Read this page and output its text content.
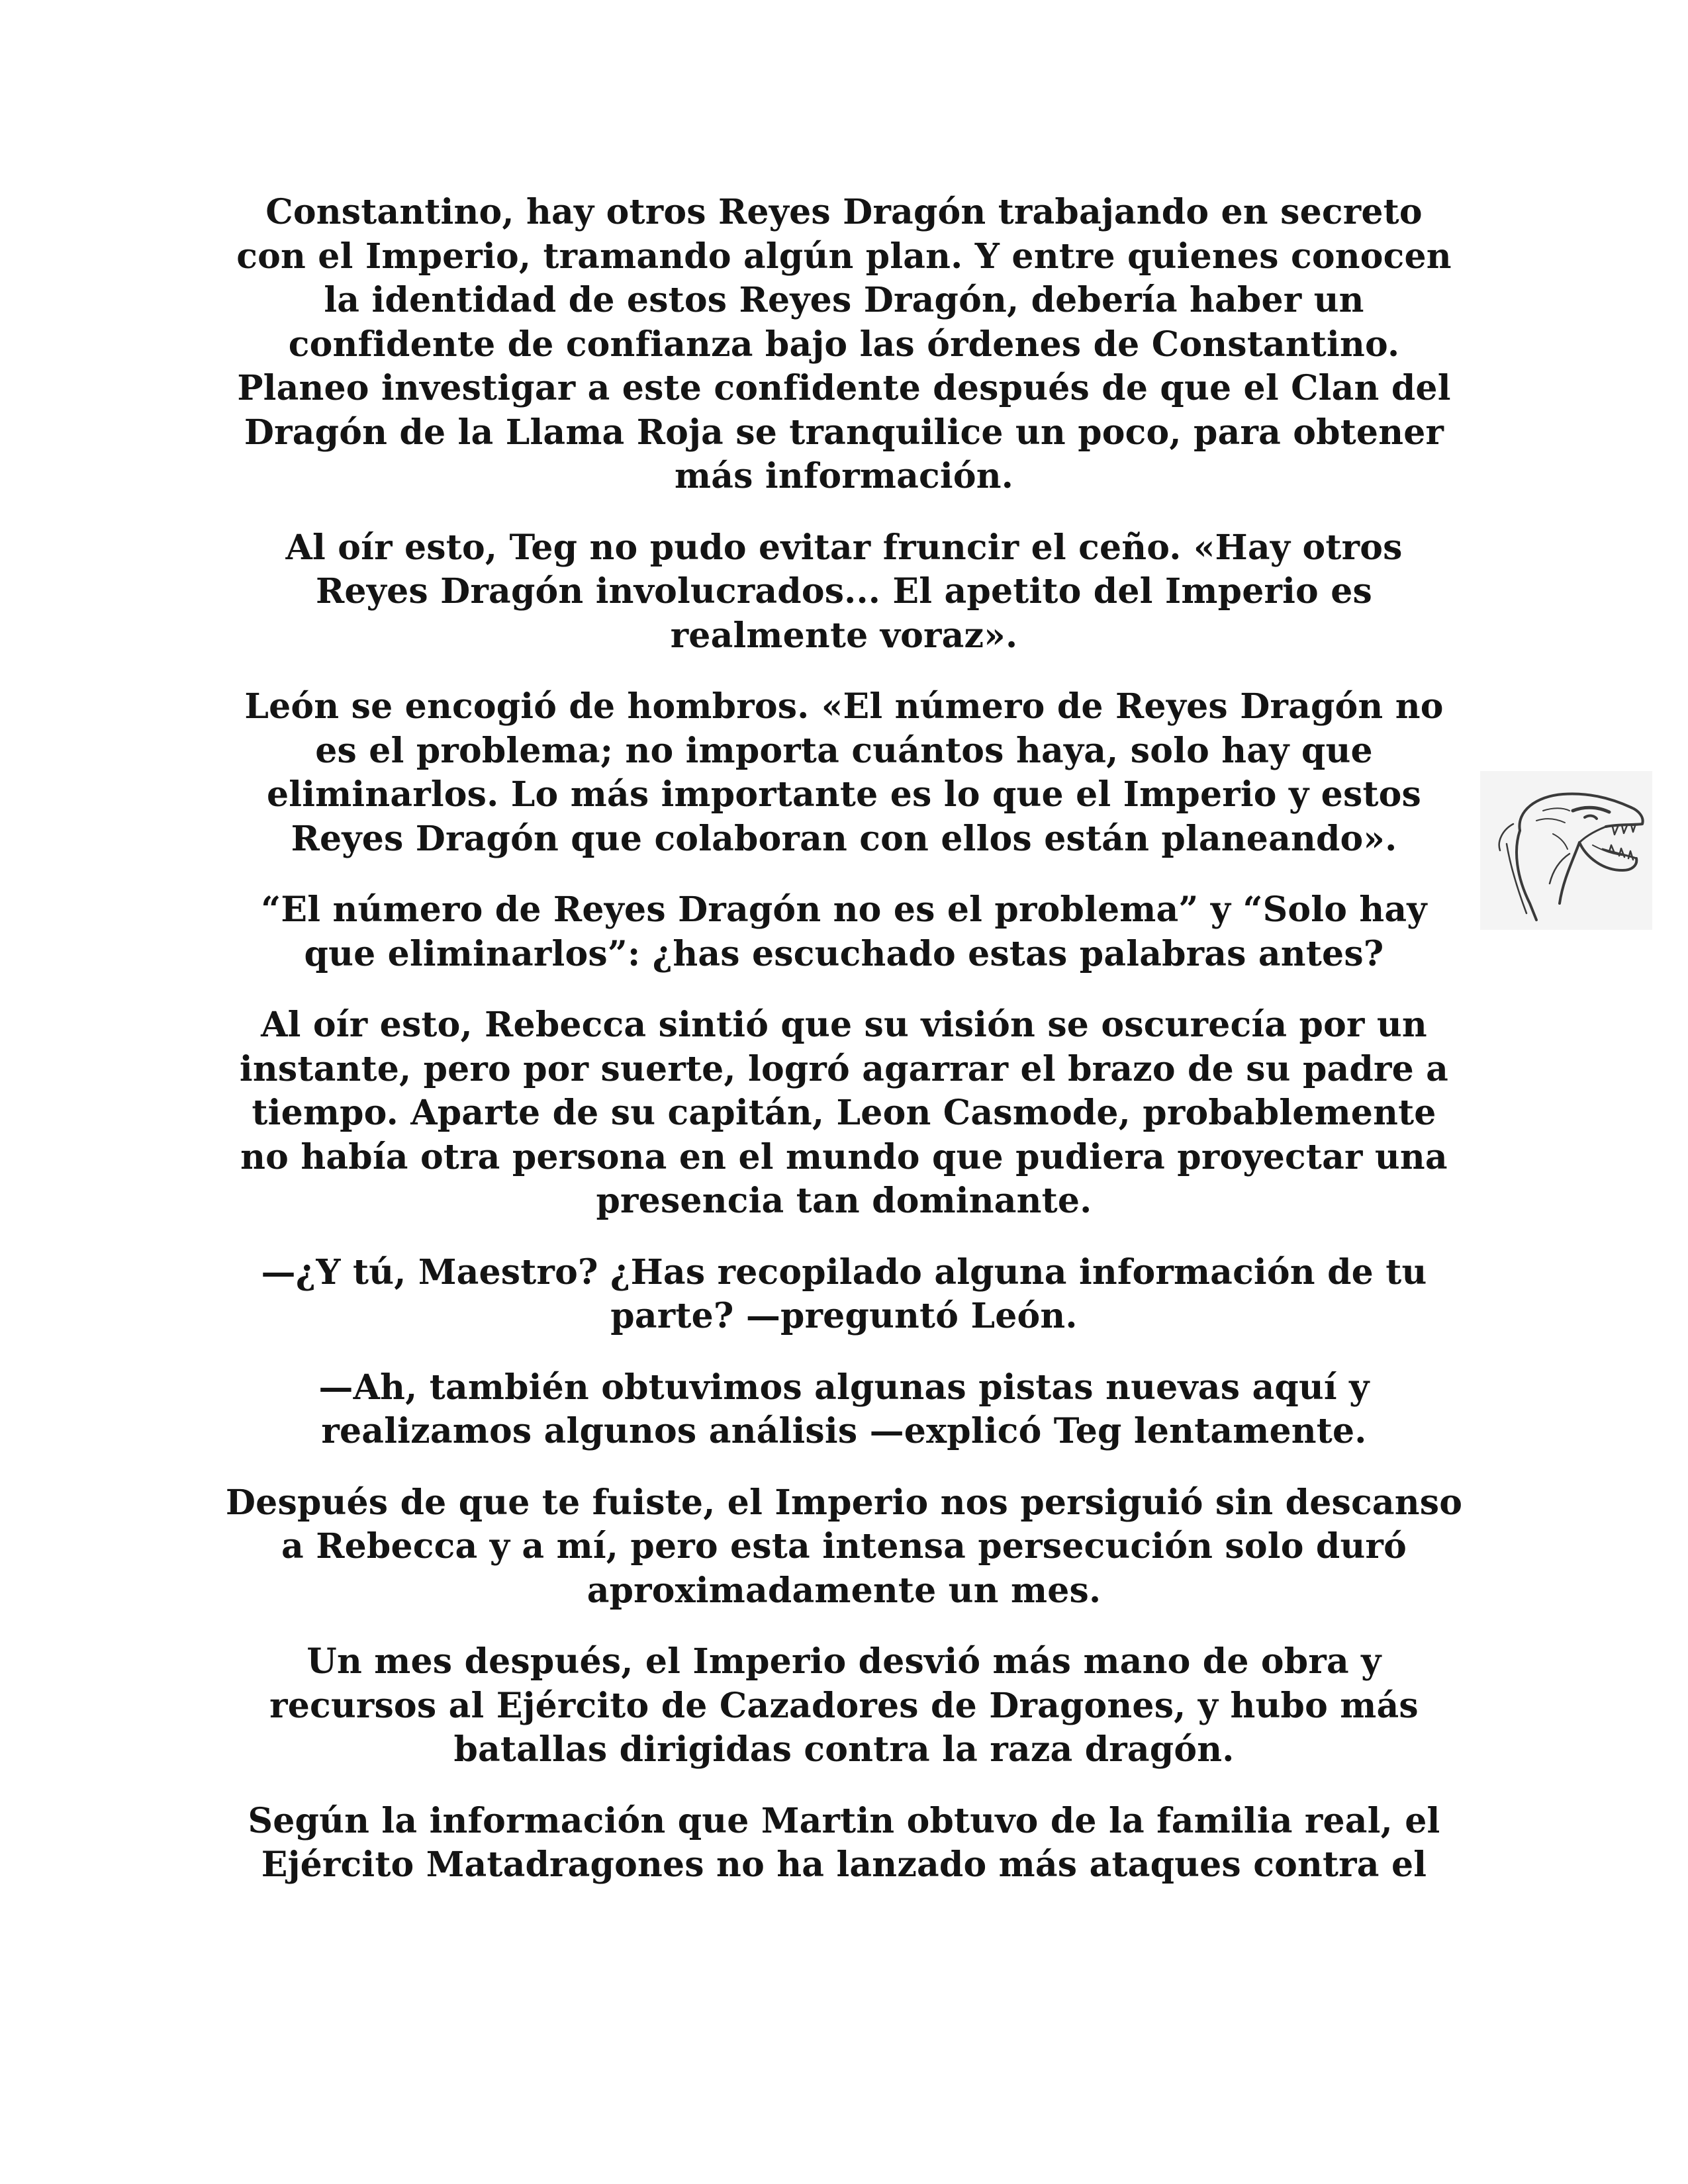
Constantino, hay otros Reyes Dragón trabajando en secreto con el Imperio, tramando algún plan. Y entre quienes conocen la identidad de estos Reyes Dragón, debería haber un confidente de confianza bajo las órdenes de Constantino. Planeo investigar a este confidente después de que el Clan del Dragón de la Llama Roja se tranquilice un poco, para obtener más información.

Al oír esto, Teg no pudo evitar fruncir el ceño. «Hay otros Reyes Dragón involucrados... El apetito del Imperio es realmente voraz».

León se encogió de hombros. «El número de Reyes Dragón no es el problema; no importa cuántos haya, solo hay que eliminarlos. Lo más importante es lo que el Imperio y estos Reyes Dragón que colaboran con ellos están planeando».

“El número de Reyes Dragón no es el problema” y “Solo hay que eliminarlos”: ¿has escuchado estas palabras antes?

Al oír esto, Rebecca sintió que su visión se oscurecía por un instante, pero por suerte, logró agarrar el brazo de su padre a tiempo. Aparte de su capitán, Leon Casmode, probablemente no había otra persona en el mundo que pudiera proyectar una presencia tan dominante.

—¿Y tú, Maestro? ¿Has recopilado alguna información de tu parte? —preguntó León.

—Ah, también obtuvimos algunas pistas nuevas aquí y realizamos algunos análisis —explicó Teg lentamente.

Después de que te fuiste, el Imperio nos persiguió sin descanso a Rebecca y a mí, pero esta intensa persecución solo duró aproximadamente un mes.

Un mes después, el Imperio desvió más mano de obra y recursos al Ejército de Cazadores de Dragones, y hubo más batallas dirigidas contra la raza dragón.

Según la información que Martin obtuvo de la familia real, el Ejército Matadragones no ha lanzado más ataques contra el
